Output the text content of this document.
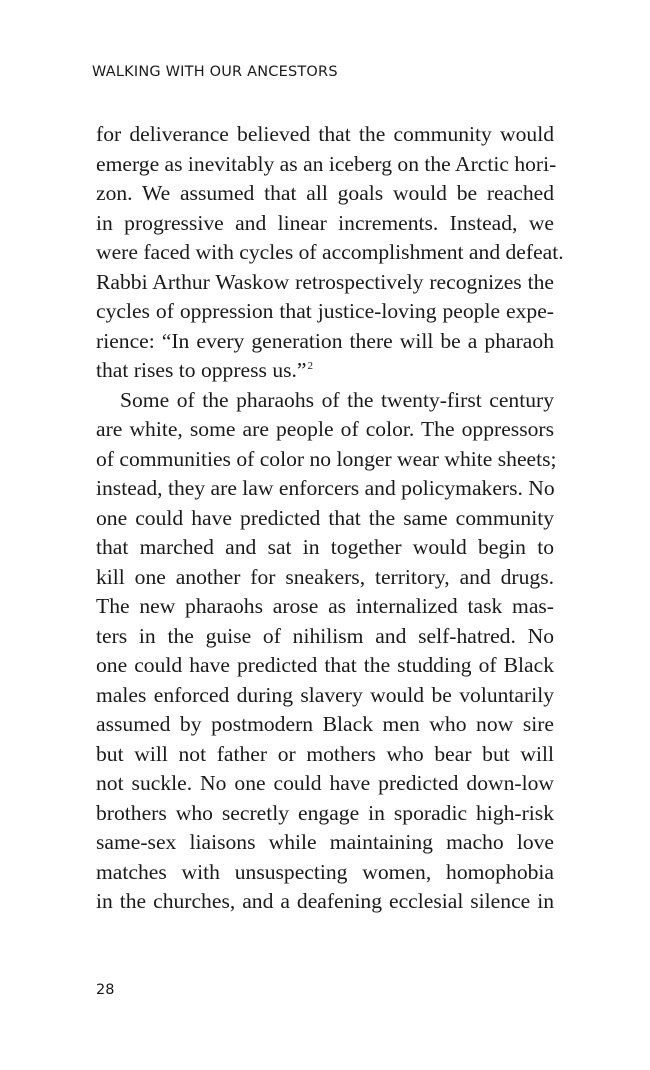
WALKING WITH OUR ANCESTORS
for deliverance believed that the community would
emerge as inevitably as an iceberg on the Arctic hori-
zon. We assumed that all goals would be reached
in progressive and linear increments. Instead, we
were faced with cycles of accomplishment and defeat.
Rabbi Arthur Waskow retrospectively recognizes the
cycles of oppression that justice-loving people expe-
rience: “In every generation there will be a pharaoh
that rises to oppress us.”$^2$
Some of the pharaohs of the twenty-first century
are white, some are people of color. The oppressors
of communities of color no longer wear white sheets;
instead, they are law enforcers and policymakers. No
one could have predicted that the same community
that marched and sat in together would begin to
kill one another for sneakers, territory, and drugs.
The new pharaohs arose as internalized task mas-
ters in the guise of nihilism and self-hatred. No
one could have predicted that the studding of Black
males enforced during slavery would be voluntarily
assumed by postmodern Black men who now sire
but will not father or mothers who bear but will
not suckle. No one could have predicted down-low
brothers who secretly engage in sporadic high-risk
same-sex liaisons while maintaining macho love
matches with unsuspecting women, homophobia
in the churches, and a deafening ecclesial silence in
28
